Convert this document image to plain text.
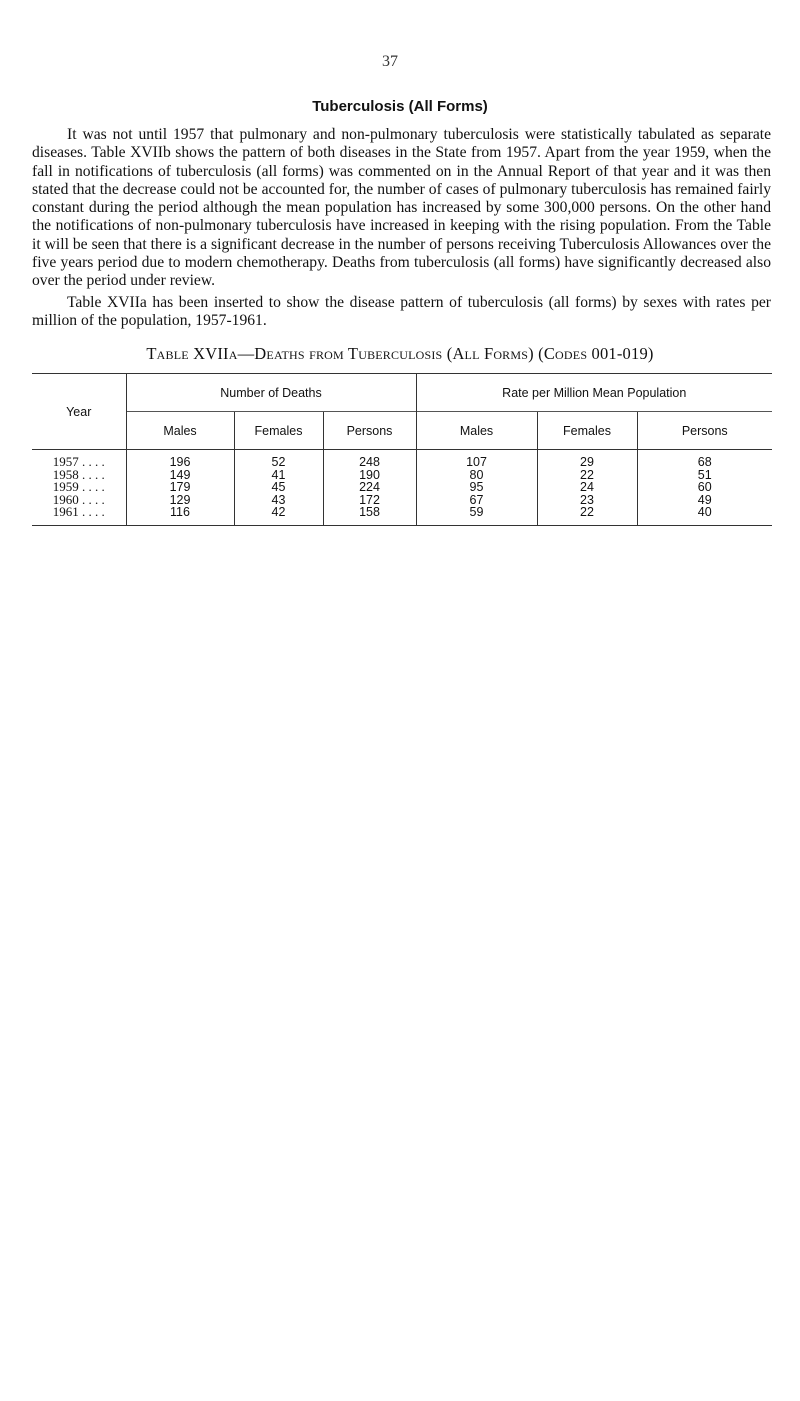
37
Tuberculosis (All Forms)

It was not until 1957 that pulmonary and non-pulmonary tuberculosis were statistically tabulated as separate diseases. Table XVIIb shows the pattern of both diseases in the State from 1957. Apart from the year 1959, when the fall in notifications of tuberculosis (all forms) was commented on in the Annual Report of that year and it was then stated that the decrease could not be accounted for, the number of cases of pulmonary tuberculosis has remained fairly constant during the period although the mean population has increased by some 300,000 persons. On the other hand the notifications of non-pulmonary tuberculosis have increased in keeping with the rising population. From the Table it will be seen that there is a significant decrease in the number of persons receiving Tuberculosis Allowances over the five years period due to modern chemotherapy. Deaths from tuberculosis (all forms) have significantly decreased also over the period under review.

Table XVIIa has been inserted to show the disease pattern of tuberculosis (all forms) by sexes with rates per million of the population, 1957-1961.

Table XVIIa—Deaths from Tuberculosis (All Forms) (Codes 001-019)
Year	Number of Deaths			Rate per Million Mean Population		
	Males	Females	Persons	Males	Females	Persons
1957 . . . .	196	52	248	107	29	68
1958 . . . .	149	41	190	80	22	51
1959 . . . .	179	45	224	95	24	60
1960 . . . .	129	43	172	67	23	49
1961 . . . .	116	42	158	59	22	40
